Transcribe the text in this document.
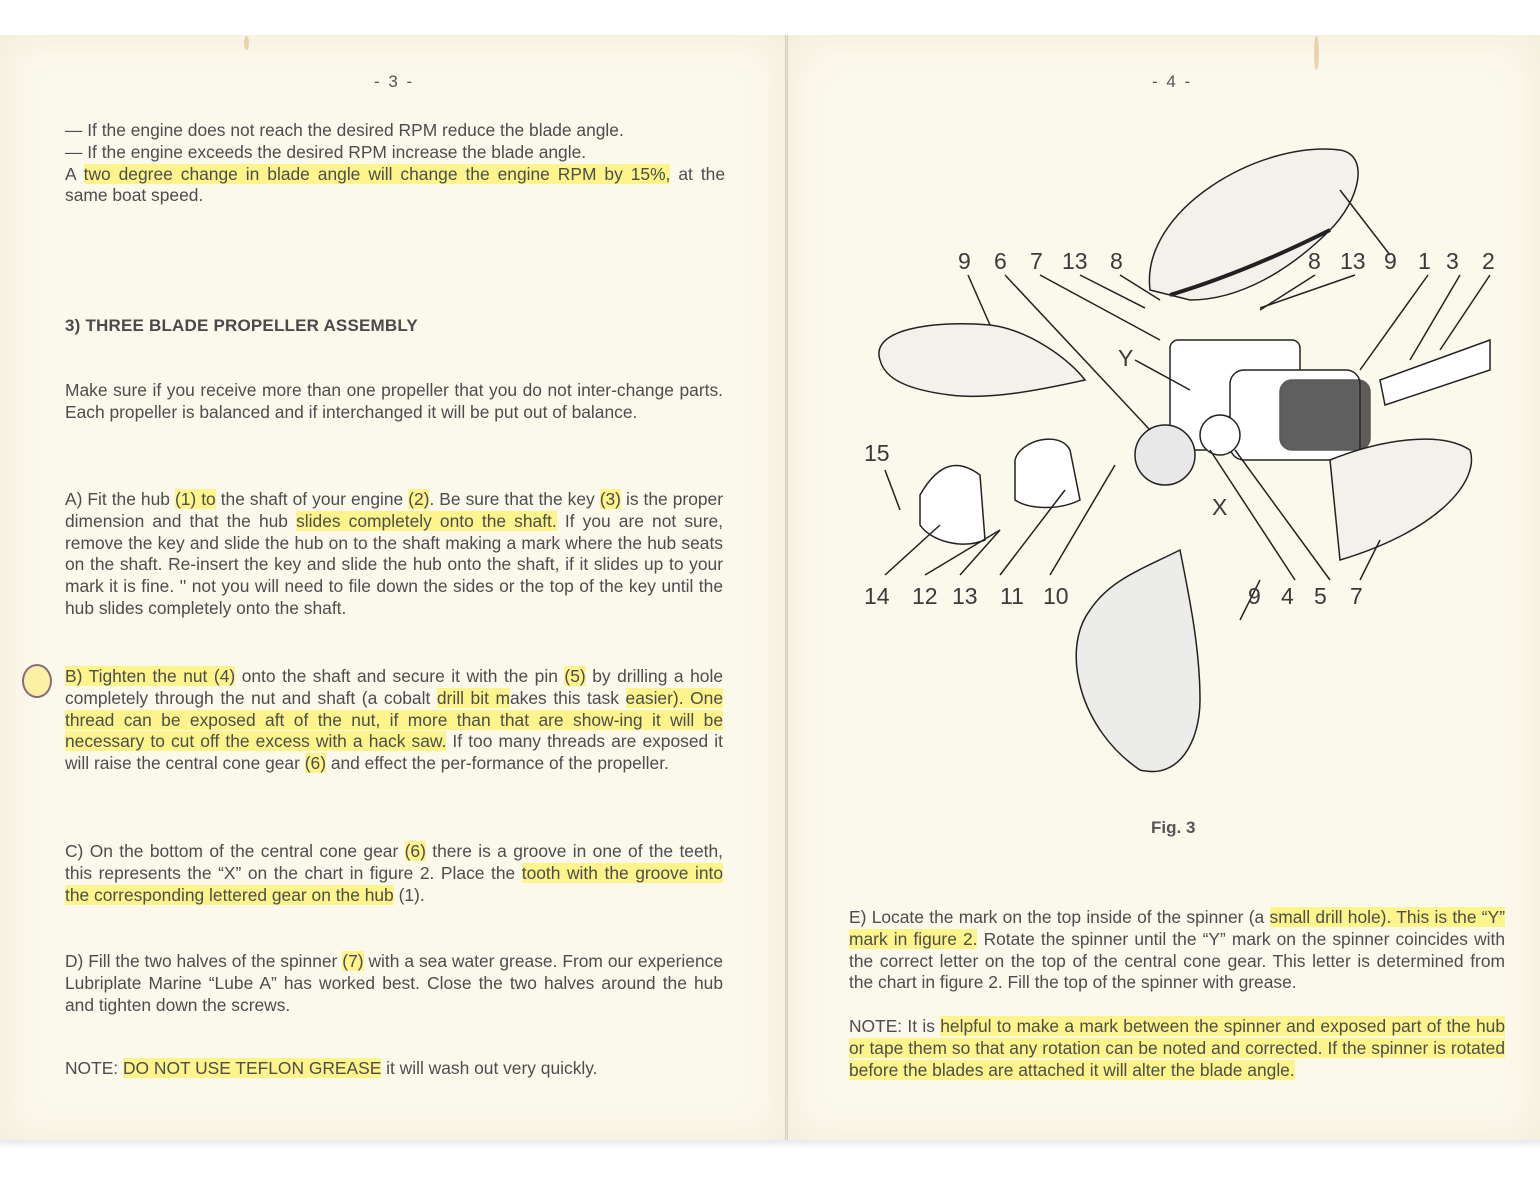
- 3 -

— If the engine does not reach the desired RPM reduce the blade angle.

— If the engine exceeds the desired RPM increase the blade angle.

A two degree change in blade angle will change the engine RPM by 15%, at the same boat speed.

3) THREE BLADE PROPELLER ASSEMBLY
Make sure if you receive more than one propeller that you do not inter-change parts. Each propeller is balanced and if interchanged it will be put out of balance.
A) Fit the hub (1) to the shaft of your engine (2). Be sure that the key (3) is the proper dimension and that the hub slides completely onto the shaft. If you are not sure, remove the key and slide the hub on to the shaft making a mark where the hub seats on the shaft. Re-insert the key and slide the hub onto the shaft, if it slides up to your mark it is fine. '' not you will need to file down the sides or the top of the key until the hub slides completely onto the shaft.
B) Tighten the nut (4) onto the shaft and secure it with the pin (5) by drilling a hole completely through the nut and shaft (a cobalt drill bit makes this task easier). One thread can be exposed aft of the nut, if more than that are show-ing it will be necessary to cut off the excess with a hack saw. If too many threads are exposed it will raise the central cone gear (6) and effect the per-formance of the propeller.
C) On the bottom of the central cone gear (6) there is a groove in one of the teeth, this represents the “X” on the chart in figure 2. Place the tooth with the groove into the corresponding lettered gear on the hub (1).
D) Fill the two halves of the spinner (7) with a sea water grease. From our experience Lubriplate Marine “Lube A” has worked best. Close the two halves around the hub and tighten down the screws.
NOTE: DO NOT USE TEFLON GREASE it will wash out very quickly.
- 4 -
9 6 7 13 8	8 13 9 1 3 2
Y
X
15
14 12 13 11 10	9 4 5 7
Fig. 3
E) Locate the mark on the top inside of the spinner (a small drill hole). This is the “Y” mark in figure 2. Rotate the spinner until the “Y” mark on the spinner coincides with the correct letter on the top of the central cone gear. This letter is determined from the chart in figure 2. Fill the top of the spinner with grease.
NOTE: It is helpful to make a mark between the spinner and exposed part of the hub or tape them so that any rotation can be noted and corrected. If the spinner is rotated before the blades are attached it will alter the blade angle.
